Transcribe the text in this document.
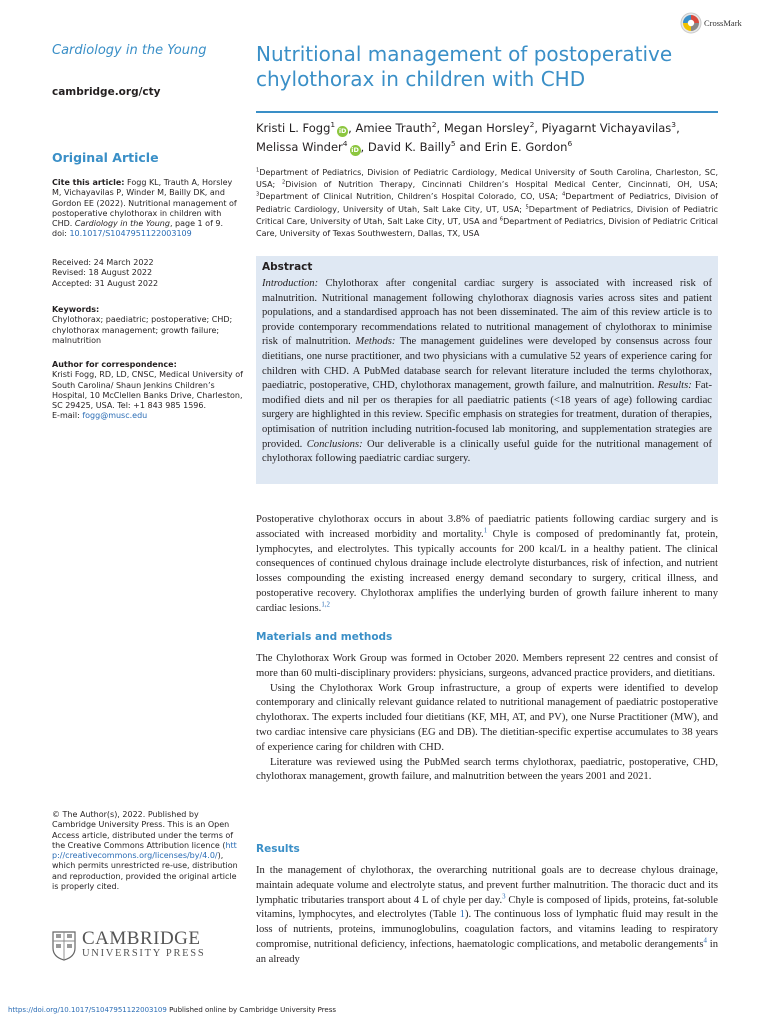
Cardiology in the Young
cambridge.org/cty
Original Article
Cite this article: Fogg KL, Trauth A, Horsley M, Vichayavilas P, Winder M, Bailly DK, and Gordon EE (2022). Nutritional management of postoperative chylothorax in children with CHD. Cardiology in the Young, page 1 of 9.
doi: 10.1017/S1047951122003109
Received: 24 March 2022
Revised: 18 August 2022
Accepted: 31 August 2022
Keywords:
Chylothorax; paediatric; postoperative; CHD; chylothorax management; growth failure; malnutrition
Author for correspondence:
Kristi Fogg, RD, LD, CNSC, Medical University of South Carolina/ Shaun Jenkins Children’s Hospital, 10 McClellen Banks Drive, Charleston, SC 29425, USA. Tel: +1 843 985 1596.
E-mail: fogg@musc.edu
© The Author(s), 2022. Published by Cambridge University Press. This is an Open Access article, distributed under the terms of the Creative Commons Attribution licence (http://creativecommons.org/licenses/by/4.0/), which permits unrestricted re-use, distribution and reproduction, provided the original article is properly cited.
CAMBRIDGE
UNIVERSITY PRESS
CrossMark
Nutritional management of postoperative chylothorax in children with CHD
Kristi L. Fogg$^1$iD , Amiee Trauth$^2$, Megan Horsley$^2$, Piyagarnt Vichayavilas$^3$,
Melissa Winder$^4$iD , David K. Bailly$^5$ and Erin E. Gordon$^6$
$^1$Department of Pediatrics, Division of Pediatric Cardiology, Medical University of South Carolina, Charleston, SC, USA; $^2$Division of Nutrition Therapy, Cincinnati Children’s Hospital Medical Center, Cincinnati, OH, USA; $^3$Department of Clinical Nutrition, Children’s Hospital Colorado, CO, USA; $^4$Department of Pediatrics, Division of Pediatric Cardiology, University of Utah, Salt Lake City, UT, USA; $^5$Department of Pediatrics, Division of Pediatric Critical Care, University of Utah, Salt Lake City, UT, USA and $^6$Department of Pediatrics, Division of Pediatric Critical Care, University of Texas Southwestern, Dallas, TX, USA
Abstract
Introduction: Chylothorax after congenital cardiac surgery is associated with increased risk of malnutrition. Nutritional management following chylothorax diagnosis varies across sites and patient populations, and a standardised approach has not been disseminated. The aim of this review article is to provide contemporary recommendations related to nutritional management of chylothorax to minimise risk of malnutrition. Methods: The management guidelines were developed by consensus across four dietitians, one nurse practitioner, and two physicians with a cumulative 52 years of experience caring for children with CHD. A PubMed database search for relevant literature included the terms chylothorax, paediatric, postoperative, CHD, chylothorax management, growth failure, and malnutrition. Results: Fat-modified diets and nil per os therapies for all paediatric patients (<18 years of age) following cardiac surgery are highlighted in this review. Specific emphasis on strategies for treatment, duration of therapies, optimisation of nutrition including nutrition-focused lab monitoring, and supplementation strategies are provided. Conclusions: Our deliverable is a clinically useful guide for the nutritional management of chylothorax following paediatric cardiac surgery.

Postoperative chylothorax occurs in about 3.8% of paediatric patients following cardiac surgery and is associated with increased morbidity and mortality.$^1$ Chyle is composed of predominantly fat, protein, lymphocytes, and electrolytes. This typically accounts for 200 kcal/L in a healthy patient. The clinical consequences of continued chylous drainage include electrolyte disturbances, risk of infection, and nutrient losses compounding the existing increased energy demand secondary to surgery, critical illness, and postoperative recovery. Chylothorax amplifies the underlying burden of growth failure inherent to many cardiac lesions.$^{1,2}$

Materials and methods

The Chylothorax Work Group was formed in October 2020. Members represent 22 centres and consist of more than 60 multi-disciplinary providers: physicians, surgeons, advanced practice providers, and dietitians.

Using the Chylothorax Work Group infrastructure, a group of experts were identified to develop contemporary and clinically relevant guidance related to nutritional management of paediatric postoperative chylothorax. The experts included four dietitians (KF, MH, AT, and PV), one Nurse Practitioner (MW), and two cardiac intensive care physicians (EG and DB). The dietitian-specific expertise accumulates to 38 years of experience caring for children with CHD.

Literature was reviewed using the PubMed search terms chylothorax, paediatric, postoperative, CHD, chylothorax management, growth failure, and malnutrition between the years 2001 and 2021.

Results

In the management of chylothorax, the overarching nutritional goals are to decrease chylous drainage, maintain adequate volume and electrolyte status, and prevent further malnutrition. The thoracic duct and its lymphatic tributaries transport about 4 L of chyle per day.$^3$ Chyle is composed of lipids, proteins, fat-soluble vitamins, lymphocytes, and electrolytes (Table 1). The continuous loss of lymphatic fluid may result in the loss of nutrients, proteins, immunoglobulins, coagulation factors, and vitamins leading to respiratory compromise, nutritional deficiency, infections, haematologic complications, and metabolic derangements$^4$ in an already

https://doi.org/10.1017/S1047951122003109 Published online by Cambridge University Press
